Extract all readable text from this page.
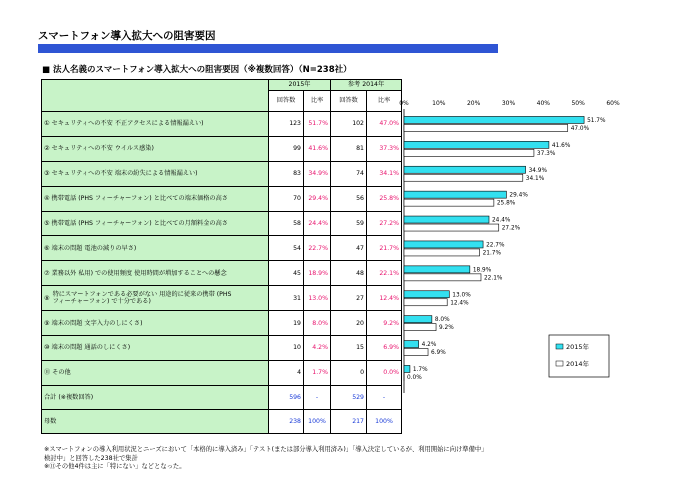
スマートフォン導入拡大への阻害要因
■ 法人名義のスマートフォン導入拡大への阻害要因（※複数回答）（N=238社）
	2015年		参考 2014年	
	回答数	比率	回答数	比率
① セキュリティへの不安 不正アクセスによる情報漏えい)	123	51.7%	102	47.0%
② セキュリティへの不安 ウイルス感染)	99	41.6%	81	37.3%
③ セキュリティへの不安 端末の紛失による情報漏えい)	83	34.9%	74	34.1%
④ 携帯電話 (PHS フィーチャーフォン) と比べての端末価格の高さ	70	29.4%	56	25.8%
⑤ 携帯電話 (PHS フィーチャーフォン) と比べての月額料金の高さ	58	24.4%	59	27.2%
⑥ 端末の問題 電池の減りの早さ)	54	22.7%	47	21.7%
⑦ 業務以外 私用) での使用頻度 使用時間が増加することへの懸念	45	18.9%	48	22.1%
⑧
特にスマートフォンである必要がない 用途的に従来の携帯 (PHS
フィーチャーフォン) で十分である)	31	13.0%	27	12.4%
⑨ 端末の問題 文字入力のしにくさ)	19	8.0%	20	9.2%
⑩ 端末の問題 通話のしにくさ)	10	4.2%	15	6.9%
⑪ その他	4	1.7%	0	0.0%
合計 (※複数回答)	596	-	529	-
母数	238	100%	217	100%
0%	10%	20%	30%	40%	50%	60%
51.7%
47.0%
41.6%
37.3%
34.9%
34.1%
29.4%
25.8%
24.4%
27.2%
22.7%
21.7%
18.9%
22.1%
13.0%
12.4%
8.0%
9.2%
4.2%
6.9%
1.7%
0.0%
2015年
2014年
※スマートフォンの導入利用状況とニーズにおいて「本格的に導入済み」「テスト(または部分導入利用済み)」「導入決定しているが、利用開始に向け準備中」
検討中」と回答した238社で集計
※⑪その他4件は主に「特にない」などとなった。
